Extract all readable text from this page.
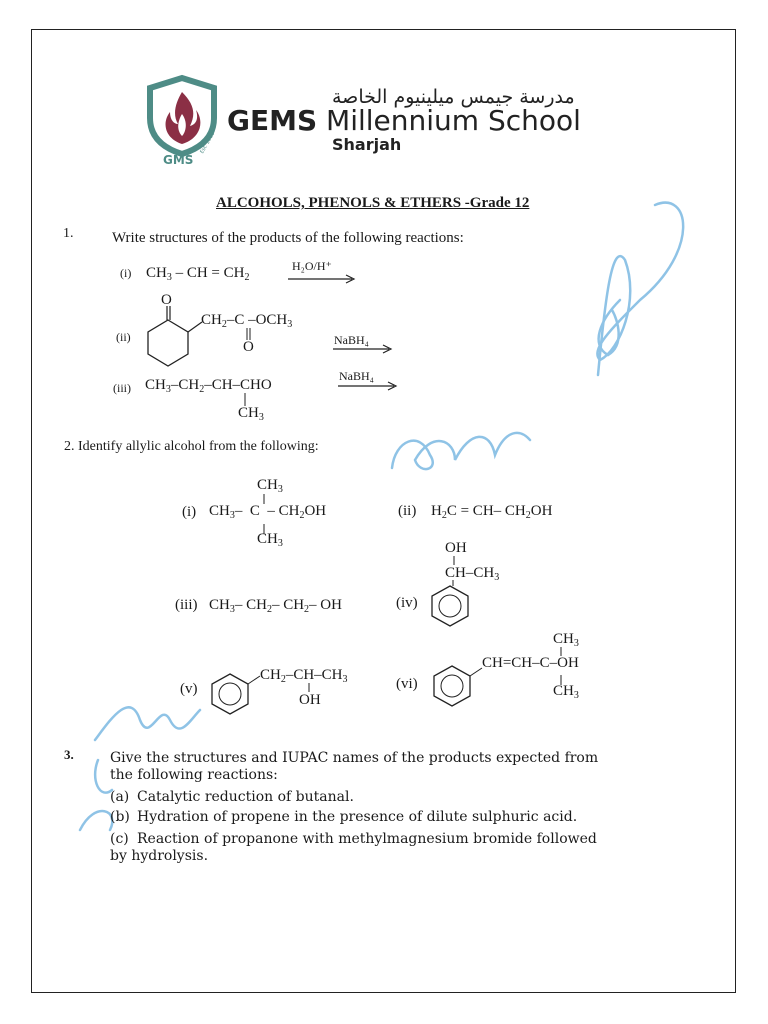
GMS
Est. 2010
مدرسة جيمس ميلينيوم الخاصة
GEMS Millennium School
Sharjah
ALCOHOLS, PHENOLS & ETHERS -Grade 12
1.	Write structures of the products of the following reactions:
(i) $CH_3$ – CH = $CH_2$
H₂O/H⁺
(ii)
O
$CH_2-C$ $-OCH_3$
O	NaBH₄
(iii) $CH_3-CH_2-CH$–CHO
$CH_3$
NaBH₄
2. Identify allylic alcohol from the following:
(i)
$CH_3$
$CH_3-$  C  – $CH_2OH$
$CH_3$
(ii) $H_2C = CH-$ $CH_2OH$
(iii) $CH_3-$ $CH_2-$ $CH_2-$ OH	(iv)
OH
$CH-CH_3$
(v)
$CH_2-CH-CH_3$
OH
(vi)
$CH_3$
CH=CH–C–OH
$CH_3$
3.	Give the structures and IUPAC names of the products expected from
the following reactions:
(a) Catalytic reduction of butanal.
(b) Hydration of propene in the presence of dilute sulphuric acid.
(c) Reaction of propanone with methylmagnesium bromide followed
by hydrolysis.
